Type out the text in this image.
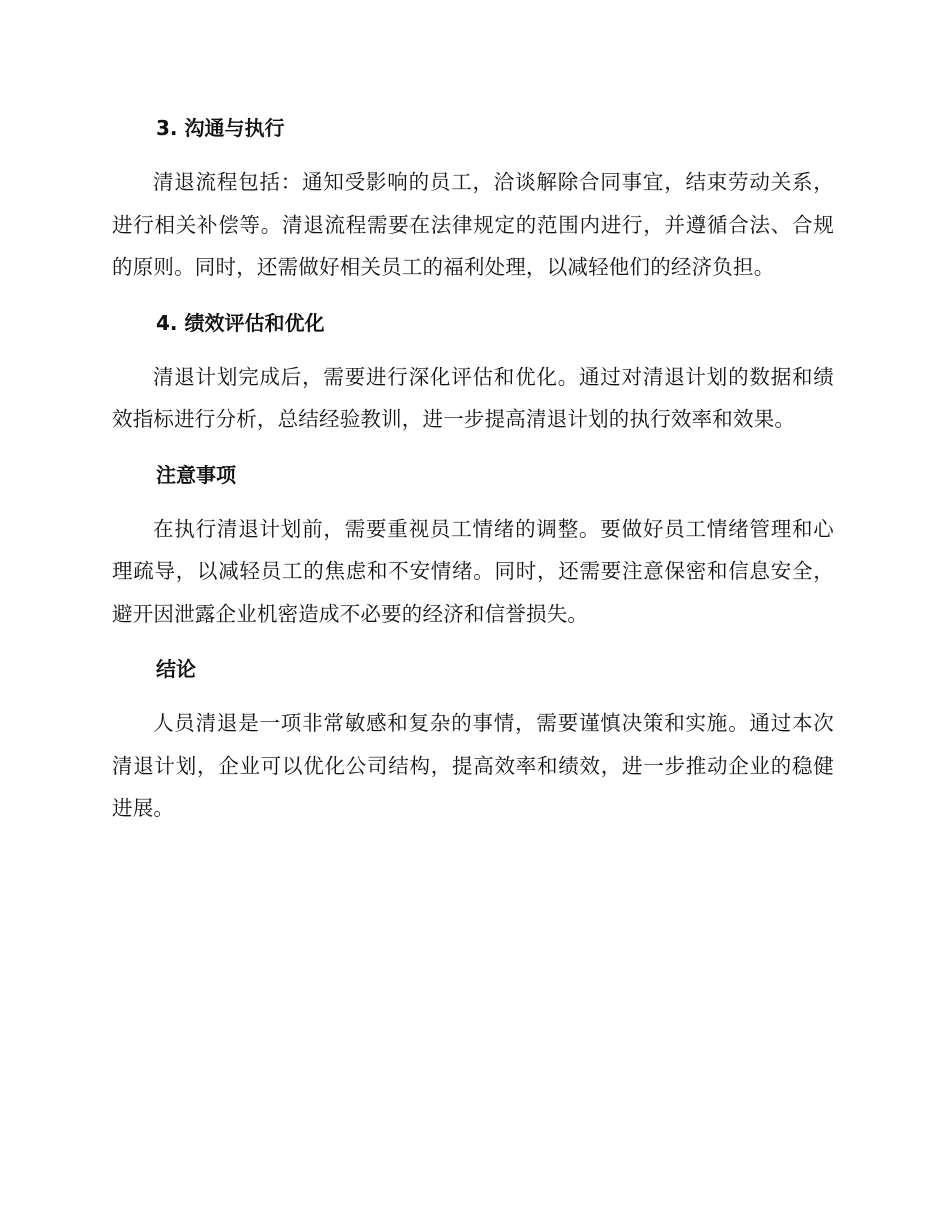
3. 沟通与执行

清退流程包括：通知受影响的员工，洽谈解除合同事宜，结束劳动关系，进行相关补偿等。清退流程需要在法律规定的范围内进行，并遵循合法、合规的原则。同时，还需做好相关员工的福利处理，以减轻他们的经济负担。

4. 绩效评估和优化

清退计划完成后，需要进行深化评估和优化。通过对清退计划的数据和绩效指标进行分析，总结经验教训，进一步提高清退计划的执行效率和效果。

注意事项

在执行清退计划前，需要重视员工情绪的调整。要做好员工情绪管理和心理疏导，以减轻员工的焦虑和不安情绪。同时，还需要注意保密和信息安全，避开因泄露企业机密造成不必要的经济和信誉损失。

结论

人员清退是一项非常敏感和复杂的事情，需要谨慎决策和实施。通过本次清退计划，企业可以优化公司结构，提高效率和绩效，进一步推动企业的稳健进展。
